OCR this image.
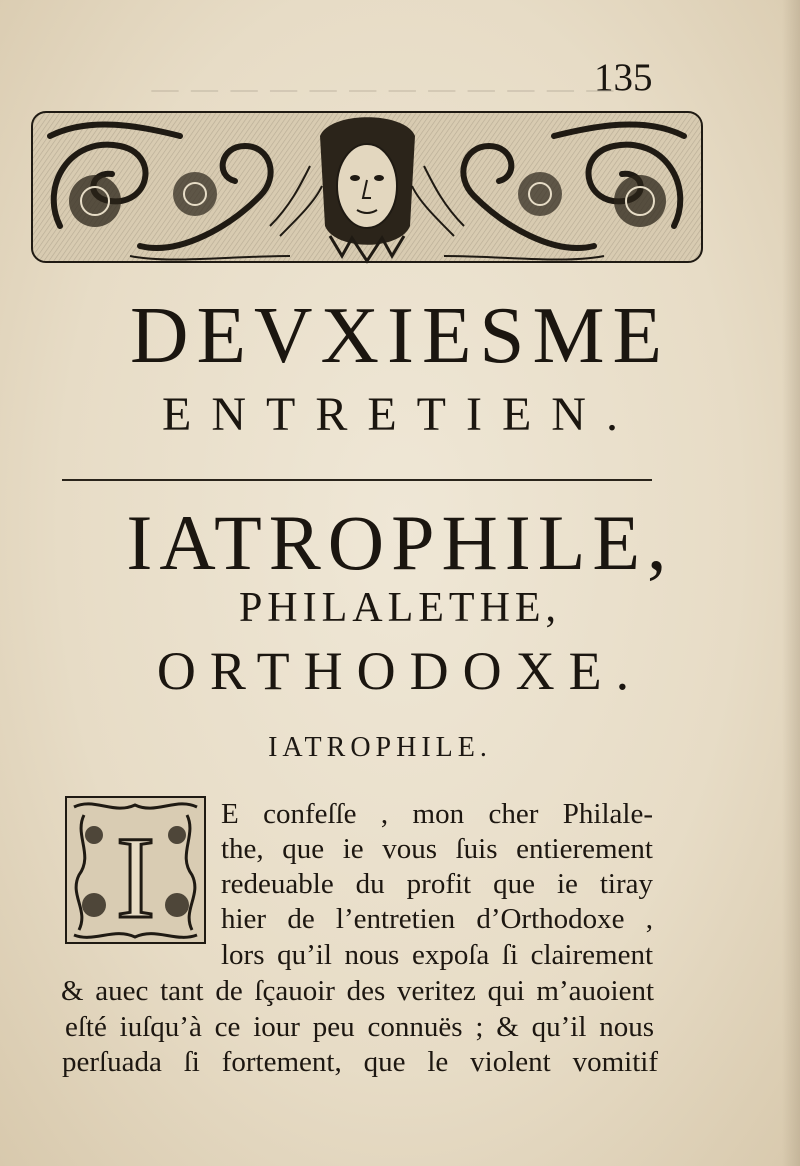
— — — — — — — — — — — —
135
DEVXIESME
ENTRETIEN.
IATROPHILE,
PHILALETHE,
ORTHODOXE.
IATROPHILE.
I E confeſſe , mon cher Philale-
the, que ie vous ſuis entierement
redeuable du profit que ie tiray
hier de l’entretien d’Orthodoxe ,
lors qu’il nous expoſa ſi clairement
& auec tant de ſçauoir des veritez qui m’auoient
eſté iuſqu’à ce iour peu connuës ; & qu’il nous
perſuada ſi fortement, que le violent vomitif
